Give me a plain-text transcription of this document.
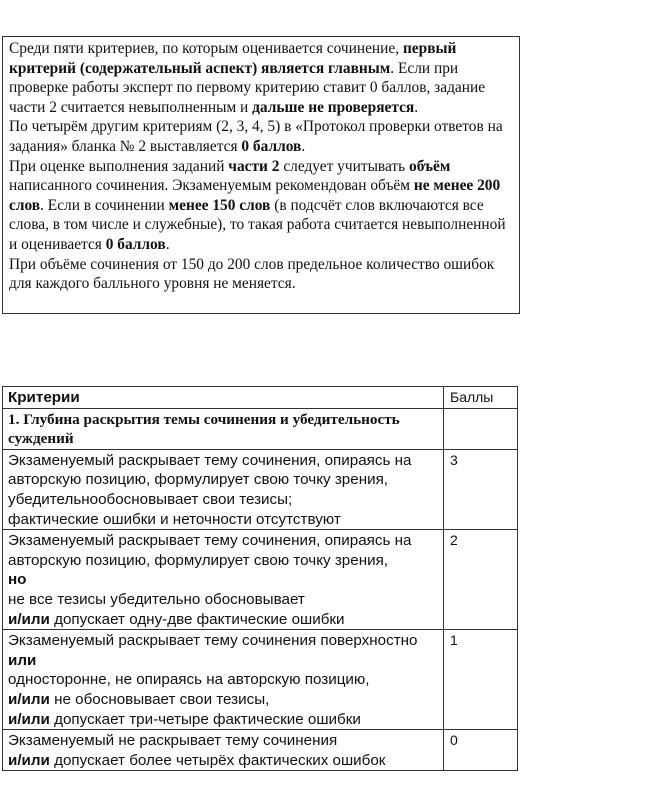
Среди пяти критериев, по которым оценивается сочинение, первый критерий (содержательный аспект) является главным. Если при проверке работы эксперт по первому критерию ставит 0 баллов, задание части 2 считается невыполненным и дальше не проверяется.

По четырём другим критериям (2, 3, 4, 5) в «Протокол проверки ответов на задания» бланка № 2 выставляется 0 баллов.

При оценке выполнения заданий части 2 следует учитывать объём написанного сочинения. Экзаменуемым рекомендован объём не менее 200 слов. Если в сочинении менее 150 слов (в подсчёт слов включаются все слова, в том числе и служебные), то такая работа считается невыполненной и оценивается 0 баллов.

При объёме сочинения от 150 до 200 слов предельное количество ошибок для каждого балльного уровня не меняется.

Критерии	Баллы
1. Глубина раскрытия темы сочинения и убедительность суждений	

Экзаменуемый раскрывает тему сочинения, опираясь на авторскую позицию, формулирует свою точку зрения, убедительнообосновывает свои тезисы;
фактические ошибки и неточности отсутствуют	3

Экзаменуемый раскрывает тему сочинения, опираясь на авторскую позицию, формулирует свою точку зрения,
но
не все тезисы убедительно обосновывает
и/или допускает одну-две фактические ошибки	2

Экзаменуемый раскрывает тему сочинения поверхностно
или
односторонне, не опираясь на авторскую позицию,
и/или не обосновывает свои тезисы,
и/или допускает три-четыре фактические ошибки	1

Экзаменуемый не раскрывает тему сочинения
и/или допускает более четырёх фактических ошибок	0
